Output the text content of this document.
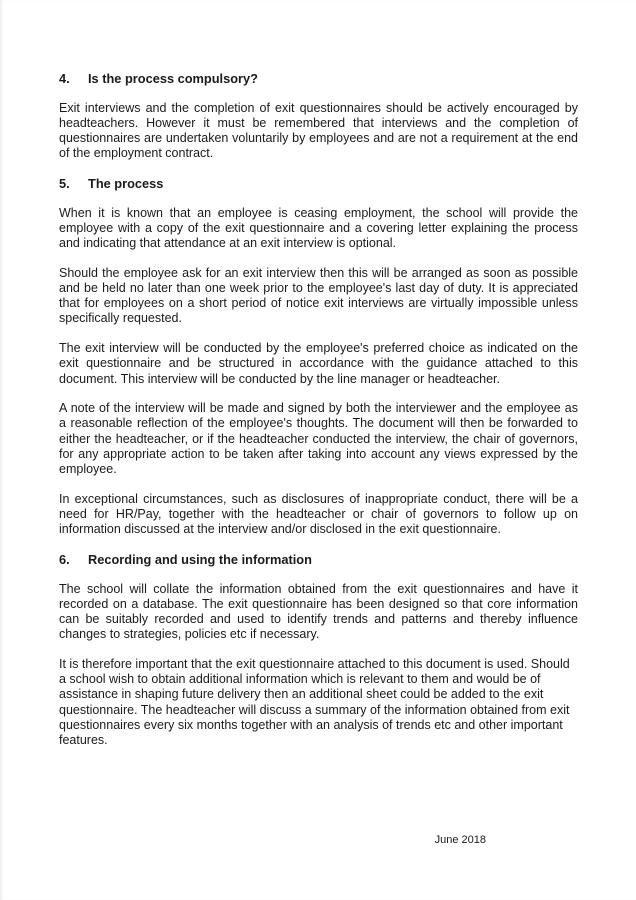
4. Is the process compulsory?

Exit interviews and the completion of exit questionnaires should be actively encouraged by headteachers. However it must be remembered that interviews and the completion of questionnaires are undertaken voluntarily by employees and are not a requirement at the end of the employment contract.

5. The process

When it is known that an employee is ceasing employment, the school will provide the employee with a copy of the exit questionnaire and a covering letter explaining the process and indicating that attendance at an exit interview is optional.

Should the employee ask for an exit interview then this will be arranged as soon as possible and be held no later than one week prior to the employee's last day of duty. It is appreciated that for employees on a short period of notice exit interviews are virtually impossible unless specifically requested.

The exit interview will be conducted by the employee's preferred choice as indicated on the exit questionnaire and be structured in accordance with the guidance attached to this document. This interview will be conducted by the line manager or headteacher.

A note of the interview will be made and signed by both the interviewer and the employee as a reasonable reflection of the employee's thoughts. The document will then be forwarded to either the headteacher, or if the headteacher conducted the interview, the chair of governors, for any appropriate action to be taken after taking into account any views expressed by the employee.

In exceptional circumstances, such as disclosures of inappropriate conduct, there will be a need for HR/Pay, together with the headteacher or chair of governors to follow up on information discussed at the interview and/or disclosed in the exit questionnaire.

6. Recording and using the information

The school will collate the information obtained from the exit questionnaires and have it recorded on a database. The exit questionnaire has been designed so that core information can be suitably recorded and used to identify trends and patterns and thereby influence changes to strategies, policies etc if necessary.

It is therefore important that the exit questionnaire attached to this document is used. Should a school wish to obtain additional information which is relevant to them and would be of assistance in shaping future delivery then an additional sheet could be added to the exit questionnaire. The headteacher will discuss a summary of the information obtained from exit questionnaires every six months together with an analysis of trends etc and other important features.

June 2018
